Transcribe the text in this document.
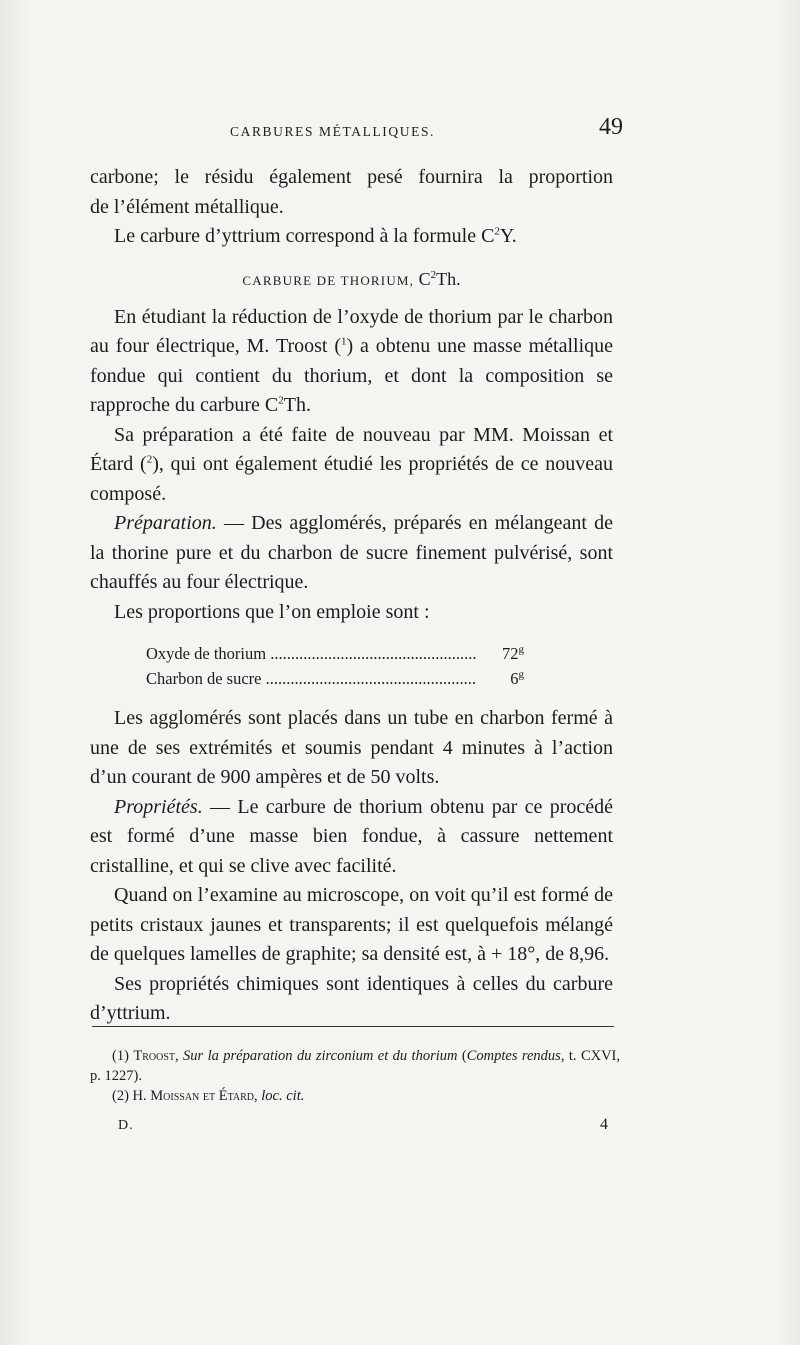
CARBURES MÉTALLIQUES.	49

carbone; le résidu également pesé fournira la proportion

de l’élément métallique.

Le carbure d’yttrium correspond à la formule $C^2Y$.

CARBURE DE THORIUM, $C^2Th$.

En étudiant la réduction de l’oxyde de thorium par le charbon au four électrique, M. Troost ($^1$) a obtenu une masse métallique fondue qui contient du thorium, et dont la composition se rapproche du carbure $C^2Th$.

Sa préparation a été faite de nouveau par MM. Moissan et Étard ($^2$), qui ont également étudié les propriétés de ce nouveau composé.

Préparation. — Des agglomérés, préparés en mélangeant de la thorine pure et du charbon de sucre finement pulvérisé, sont chauffés au four électrique.

Les proportions que l’on emploie sont :

Oxyde de thorium .....	72$^g$
Charbon de sucre .....	6$^g$

Les agglomérés sont placés dans un tube en charbon fermé à une de ses extrémités et soumis pendant 4 minutes à l’action d’un courant de 900 ampères et de 50 volts.

Propriétés. — Le carbure de thorium obtenu par ce procédé est formé d’une masse bien fondue, à cassure nettement cristalline, et qui se clive avec facilité.

Quand on l’examine au microscope, on voit qu’il est formé de petits cristaux jaunes et transparents; il est quelquefois mélangé de quelques lamelles de graphite; sa densité est, à + 18°, de 8,96.

Ses propriétés chimiques sont identiques à celles du carbure d’yttrium.

(1) Troost, Sur la préparation du zirconium et du thorium (Comptes rendus, t. CXVI, p. 1227).

(2) H. Moissan et Étard, loc. cit.

D.	4
